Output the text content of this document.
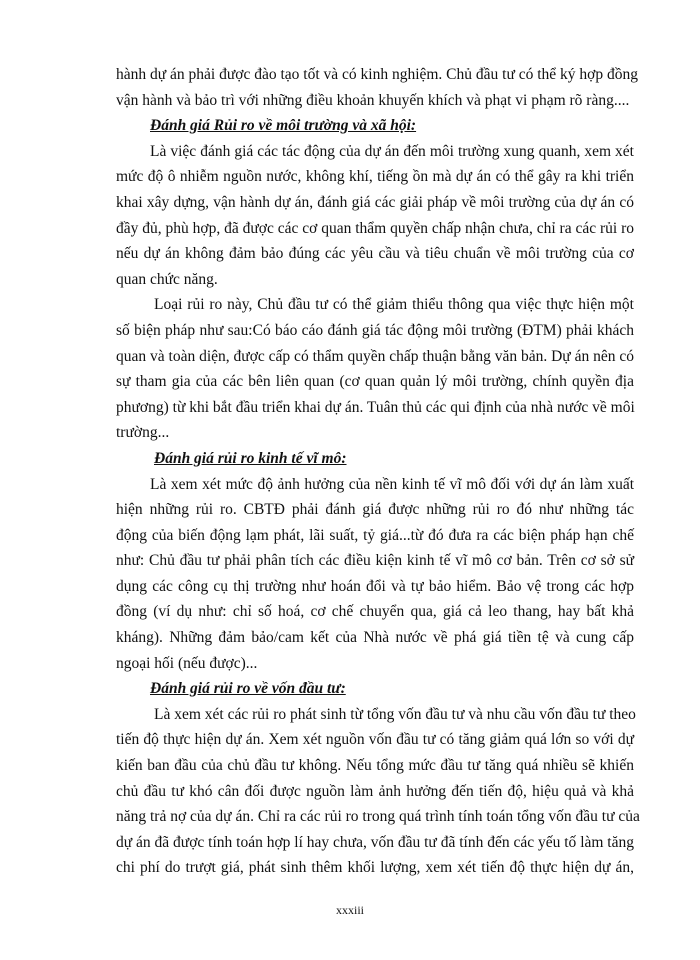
hành dự án phải được đào tạo tốt và có kinh nghiệm. Chủ đầu tư có thể ký hợp đồng
vận hành và bảo trì với những điều khoản khuyến khích và phạt vi phạm rõ ràng....
Đánh giá Rủi ro về môi trường và xã hội:
Là việc đánh giá các tác động của dự án đến môi trường xung quanh, xem xét
mức độ ô nhiễm nguồn nước, không khí, tiếng ồn mà dự án có thể gây ra khi triển
khai xây dựng, vận hành dự án, đánh giá các giải pháp về môi trường của dự án có
đầy đủ, phù hợp, đã được các cơ quan thẩm quyền chấp nhận chưa, chỉ ra các rủi ro
nếu dự án không đảm bảo đúng các yêu cầu và tiêu chuẩn về môi trường của cơ
quan chức năng.
Loại rủi ro này, Chủ đầu tư có thể giảm thiểu thông qua việc thực hiện một
số biện pháp như sau:Có báo cáo đánh giá tác động môi trường (ĐTM) phải khách
quan và toàn diện, được cấp có thẩm quyền chấp thuận bằng văn bản. Dự án nên có
sự tham gia của các bên liên quan (cơ quan quản lý môi trường, chính quyền địa
phương) từ khi bắt đầu triển khai dự án. Tuân thủ các qui định của nhà nước về môi
trường...
Đánh giá rủi ro kinh tế vĩ mô:
Là xem xét mức độ ảnh hưởng của nền kinh tế vĩ mô đối với dự án làm xuất
hiện những rủi ro. CBTĐ phải đánh giá được những rủi ro đó như những tác
động của biến động lạm phát, lãi suất, tỷ giá...từ đó đưa ra các biện pháp hạn chế
như: Chủ đầu tư phải phân tích các điều kiện kinh tế vĩ mô cơ bản. Trên cơ sở sử
dụng các công cụ thị trường như hoán đổi và tự bảo hiểm. Bảo vệ trong các hợp
đồng (ví dụ như: chỉ số hoá, cơ chế chuyển qua, giá cả leo thang, hay bất khả
kháng). Những đảm bảo/cam kết của Nhà nước về phá giá tiền tệ và cung cấp
ngoại hối (nếu được)...
Đánh giá rủi ro về vốn đầu tư:
Là xem xét các rủi ro phát sinh từ tổng vốn đầu tư và nhu cầu vốn đầu tư theo
tiến độ thực hiện dự án. Xem xét nguồn vốn đầu tư có tăng giảm quá lớn so với dự
kiến ban đầu của chủ đầu tư không. Nếu tổng mức đầu tư tăng quá nhiều sẽ khiến
chủ đầu tư khó cân đối được nguồn làm ảnh hưởng đến tiến độ, hiệu quả và khả
năng trả nợ của dự án. Chỉ ra các rủi ro trong quá trình tính toán tổng vốn đầu tư của
dự án đã được tính toán hợp lí hay chưa, vốn đầu tư đã tính đến các yếu tố làm tăng
chi phí do trượt giá, phát sinh thêm khối lượng, xem xét tiến độ thực hiện dự án,
xxxiii
